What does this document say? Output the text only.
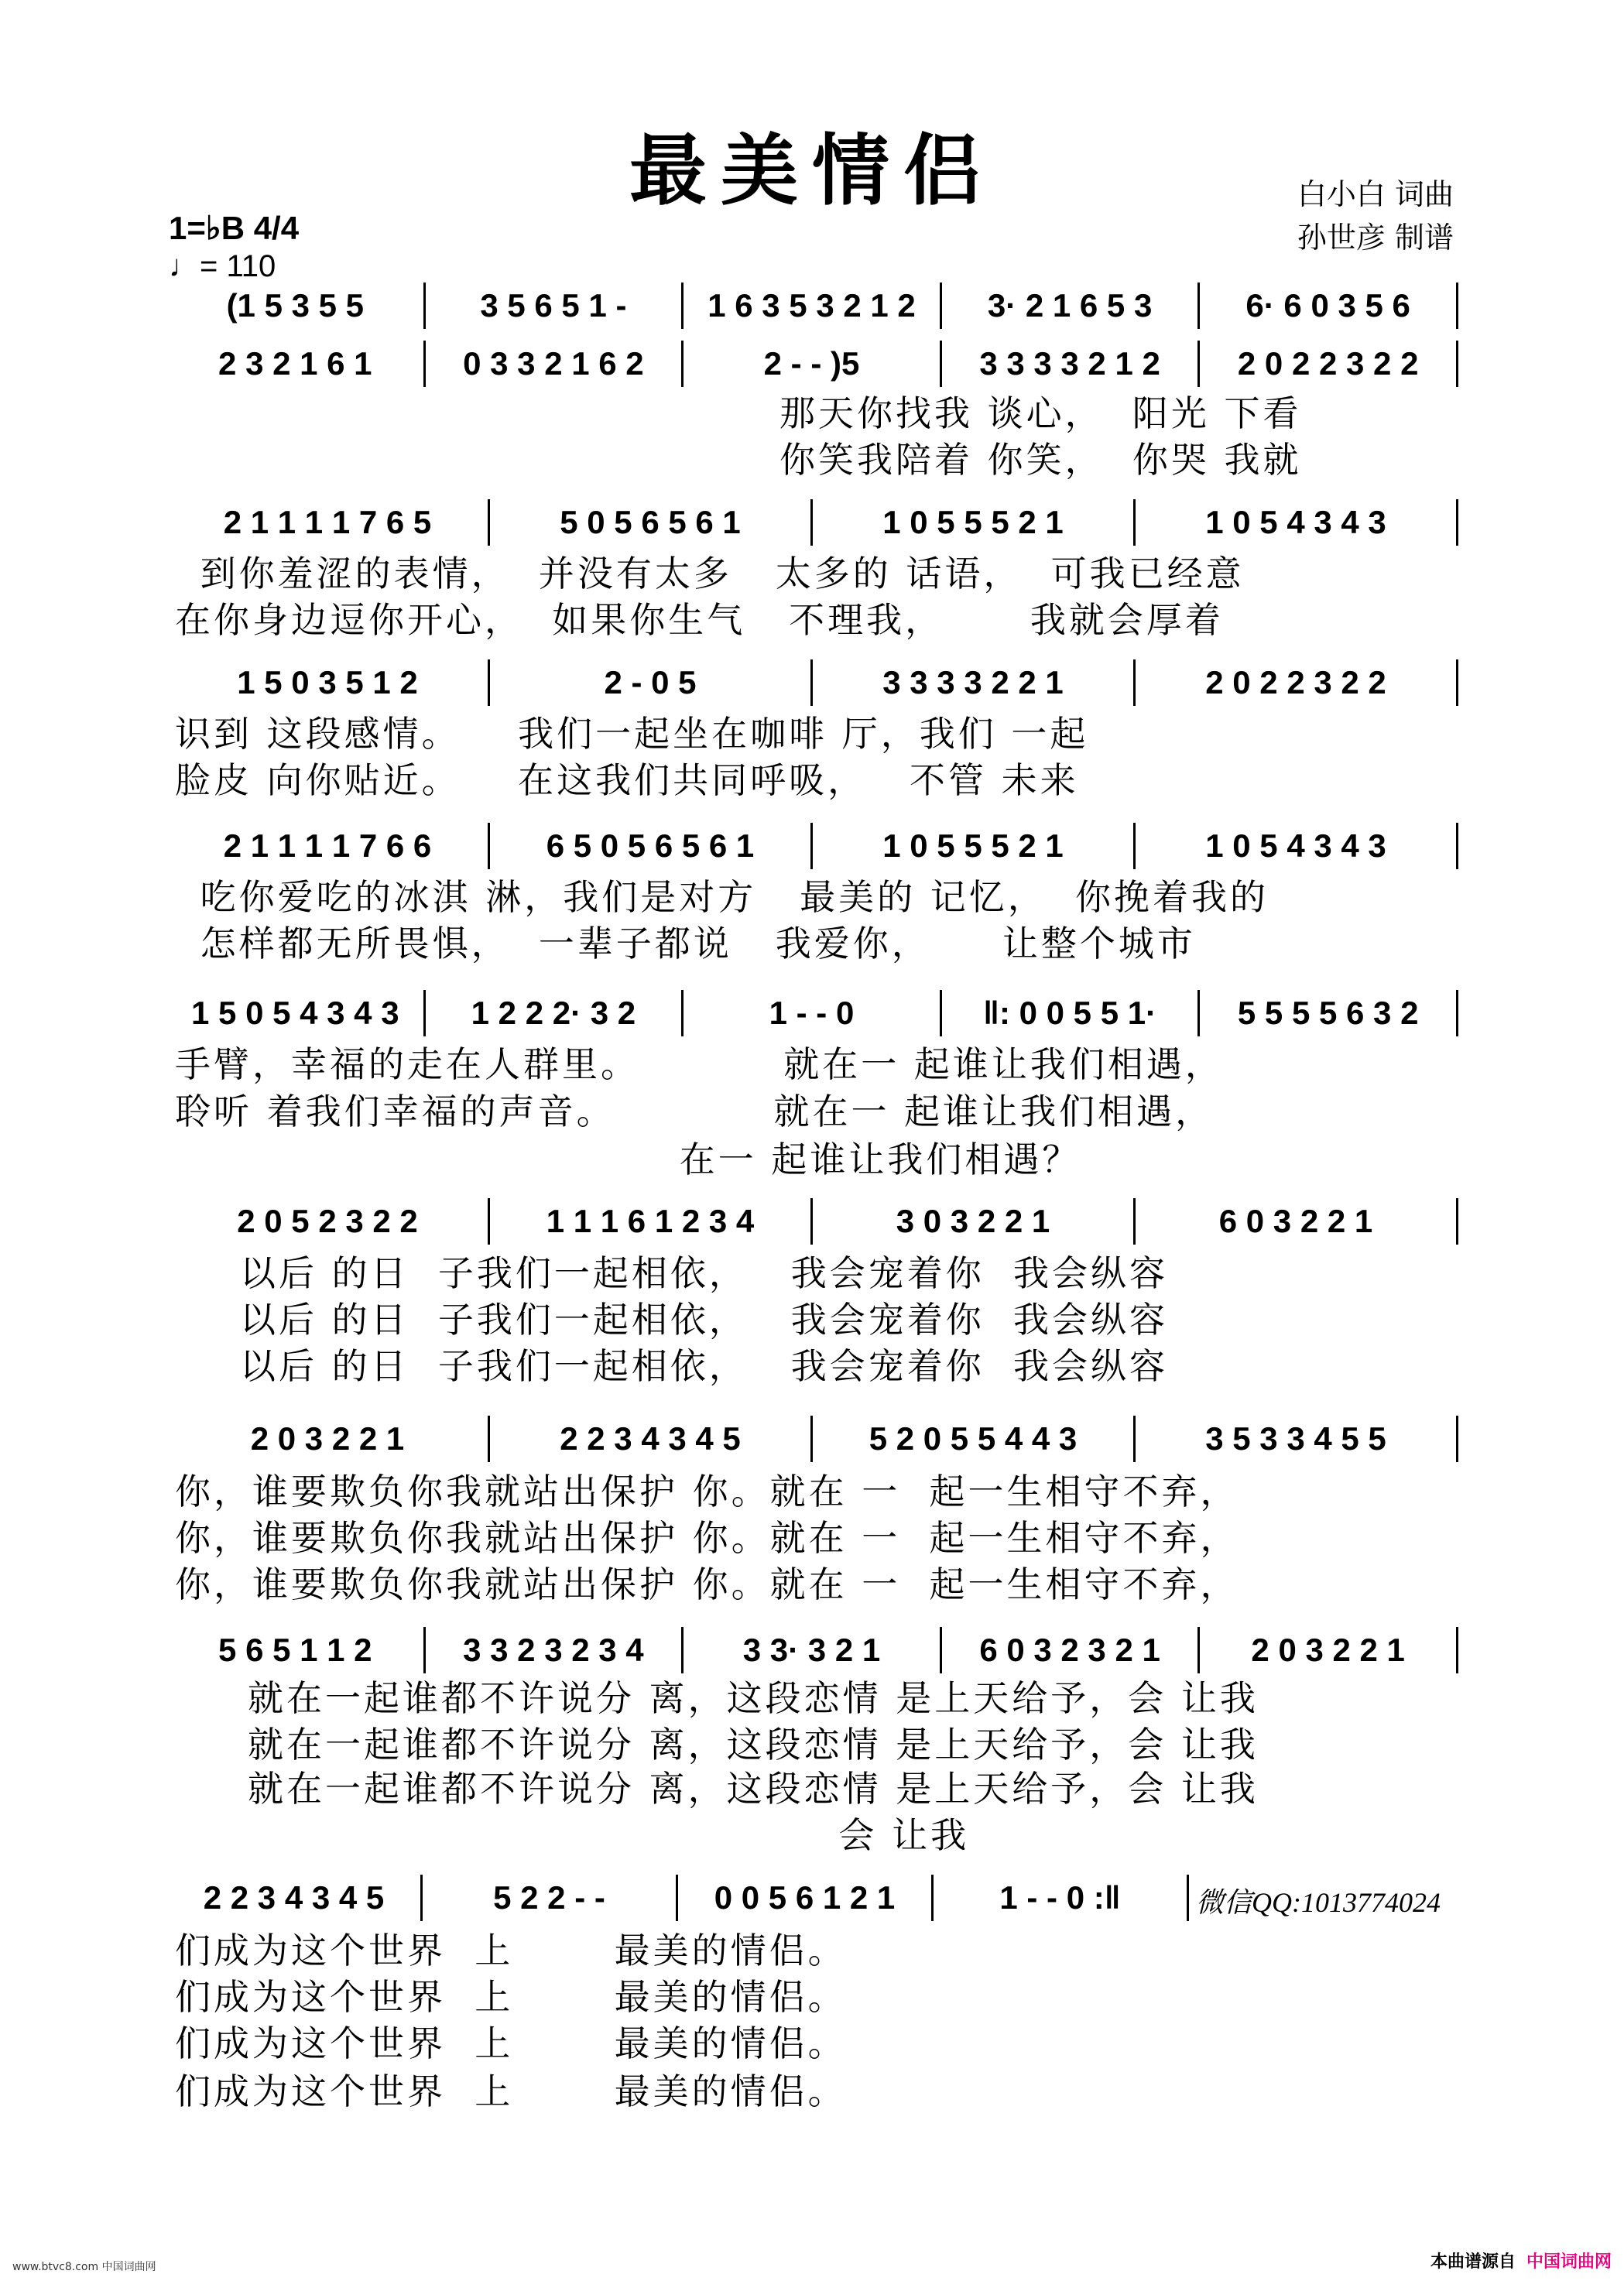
最美情侣	白小白 词曲
孙世彦 制谱
1=♭B 4/4
♩= 110
(1 5 3 5 5	3 5 6 5 1 -	1 6 3 5 3 2 1 2	3· 2 1 6 5 3	6· 6 0 3 5 6
2 3 2 1 6 1	0 3 3 2 1 6 2	2 - - )5	3 3 3 3 2 1 2	2 0 2 2 3 2 2
那天你找我 谈心，  阳光 下看
你笑我陪着 你笑，  你哭 我就
2 1 1 1 1 7 6 5	5 0 5 6 5 6 1	1 0 5 5 5 2 1	1 0 5 4 3 4 3
到你羞涩的表情，  并没有太多   太多的 话语，  可我已经意
在你身边逗你开心，  如果你生气   不理我，      我就会厚着
1 5 0 3 5 1 2	2 - 0 5	3 3 3 3 2 2 1	2 0 2 2 3 2 2
识到 这段感情。    我们一起坐在咖啡 厅，我们 一起
脸皮 向你贴近。    在这我们共同呼吸，   不管 未来
2 1 1 1 1 7 6 6	6 5 0 5 6 5 6 1	1 0 5 5 5 2 1	1 0 5 4 3 4 3
吃你爱吃的冰淇 淋，我们是对方   最美的 记忆，  你挽着我的
怎样都无所畏惧，  一辈子都说   我爱你，     让整个城市
1 5 0 5 4 3 4 3	1 2 2 2· 3 2	1 - - 0	‖: 0 0 5 5 1·	5 5 5 5 6 3 2
手臂，幸福的走在人群里。          就在一 起谁让我们相遇，
聆听 着我们幸福的声音。           就在一 起谁让我们相遇，
在一 起谁让我们相遇？
2 0 5 2 3 2 2	1 1 1 6 1 2 3 4	3 0 3 2 2 1	6 0 3 2 2 1
以后 的日  子我们一起相依，   我会宠着你  我会纵容
以后 的日  子我们一起相依，   我会宠着你  我会纵容
以后 的日  子我们一起相依，   我会宠着你  我会纵容
2 0 3 2 2 1	2 2 3 4 3 4 5	5 2 0 5 5 4 4 3	3 5 3 3 4 5 5
你，谁要欺负你我就站出保护 你。就在 一  起一生相守不弃，
你，谁要欺负你我就站出保护 你。就在 一  起一生相守不弃，
你，谁要欺负你我就站出保护 你。就在 一  起一生相守不弃，
5 6 5 1 1 2	3 3 2 3 2 3 4	3 3· 3 2 1	6 0 3 2 3 2 1	2 0 3 2 2 1
就在一起谁都不许说分 离，这段恋情 是上天给予，会 让我
就在一起谁都不许说分 离，这段恋情 是上天给予，会 让我
就在一起谁都不许说分 离，这段恋情 是上天给予，会 让我
会 让我
2 2 3 4 3 4 5	5 2 2 - -	0 0 5 6 1 2 1	1 - - 0 :‖
们成为这个世界  上       最美的情侣。
们成为这个世界  上       最美的情侣。
们成为这个世界  上       最美的情侣。
们成为这个世界  上       最美的情侣。
微信QQ:1013774024
www.btvc8.com 中国词曲网	本曲谱源自 中国词曲网
